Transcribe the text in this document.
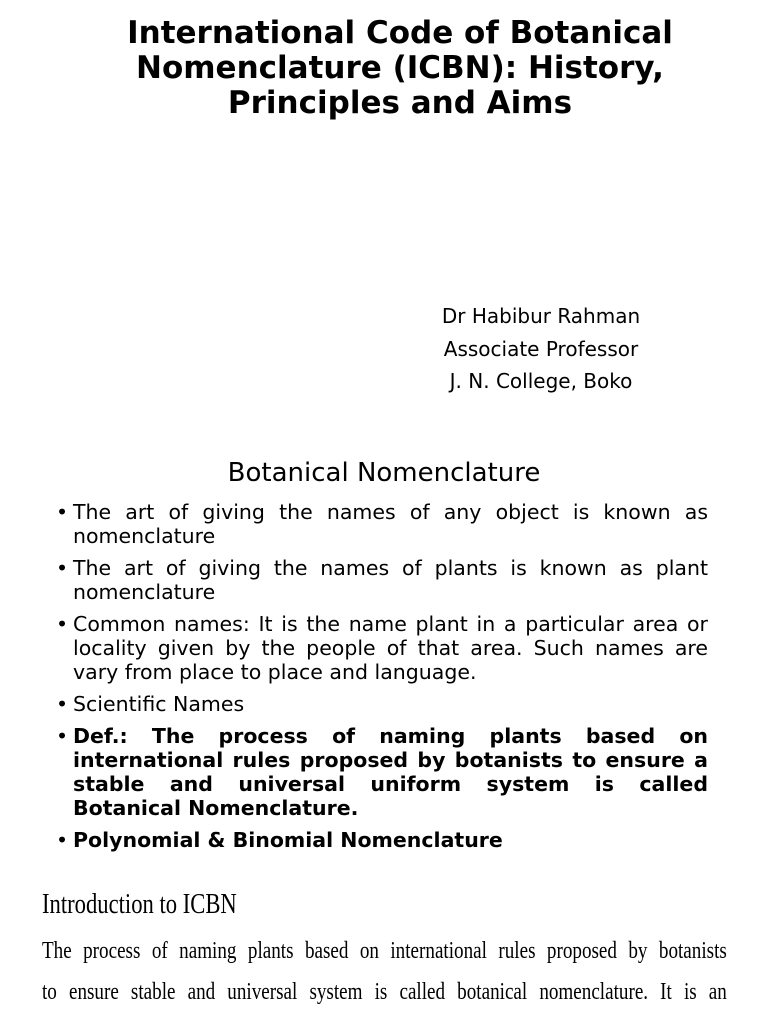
International Code of Botanical
Nomenclature (ICBN): History,
Principles and Aims
Dr Habibur Rahman
Associate Professor
J. N. College, Boko
Botanical Nomenclature
• The art of giving the names of any object is known as nomenclature
• The art of giving the names of plants is known as plant nomenclature
• Common names: It is the name plant in a particular area or locality given by the people of that area. Such names are vary from place to place and language.
• Scientific Names
• Def.: The process of naming plants based on international rules proposed by botanists to ensure a stable and universal uniform system is called Botanical Nomenclature.
• Polynomial & Binomial Nomenclature
Introduction to ICBN

The process of naming plants based on international rules proposed by botanists
to ensure stable and universal system is called botanical nomenclature. It is an
